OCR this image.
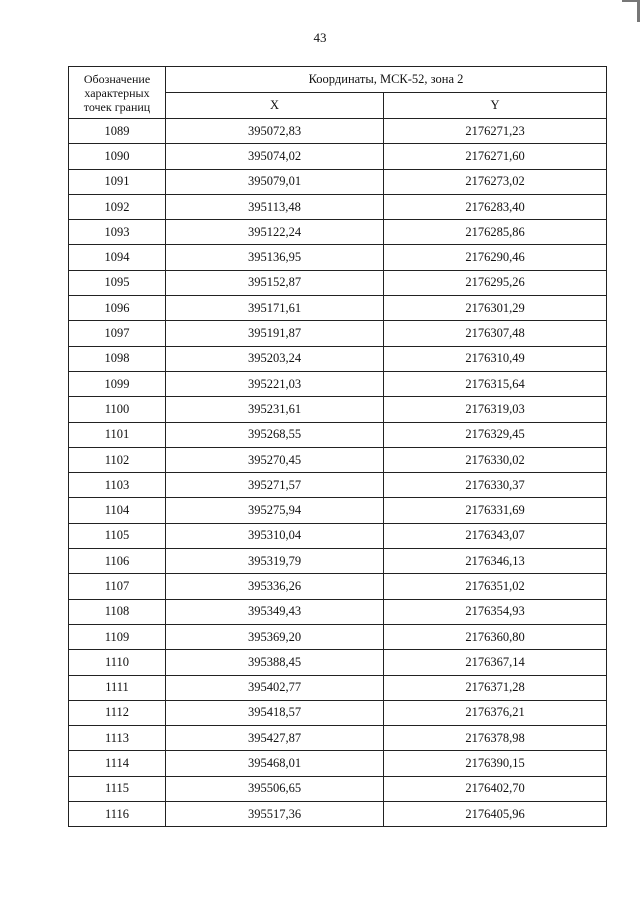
43
Обозначение характерных точек границ	Координаты, МСК-52, зона 2	
	X	Y
1089	395072,83	2176271,23
1090	395074,02	2176271,60
1091	395079,01	2176273,02
1092	395113,48	2176283,40
1093	395122,24	2176285,86
1094	395136,95	2176290,46
1095	395152,87	2176295,26
1096	395171,61	2176301,29
1097	395191,87	2176307,48
1098	395203,24	2176310,49
1099	395221,03	2176315,64
1100	395231,61	2176319,03
1101	395268,55	2176329,45
1102	395270,45	2176330,02
1103	395271,57	2176330,37
1104	395275,94	2176331,69
1105	395310,04	2176343,07
1106	395319,79	2176346,13
1107	395336,26	2176351,02
1108	395349,43	2176354,93
1109	395369,20	2176360,80
1110	395388,45	2176367,14
1111	395402,77	2176371,28
1112	395418,57	2176376,21
1113	395427,87	2176378,98
1114	395468,01	2176390,15
1115	395506,65	2176402,70
1116	395517,36	2176405,96
